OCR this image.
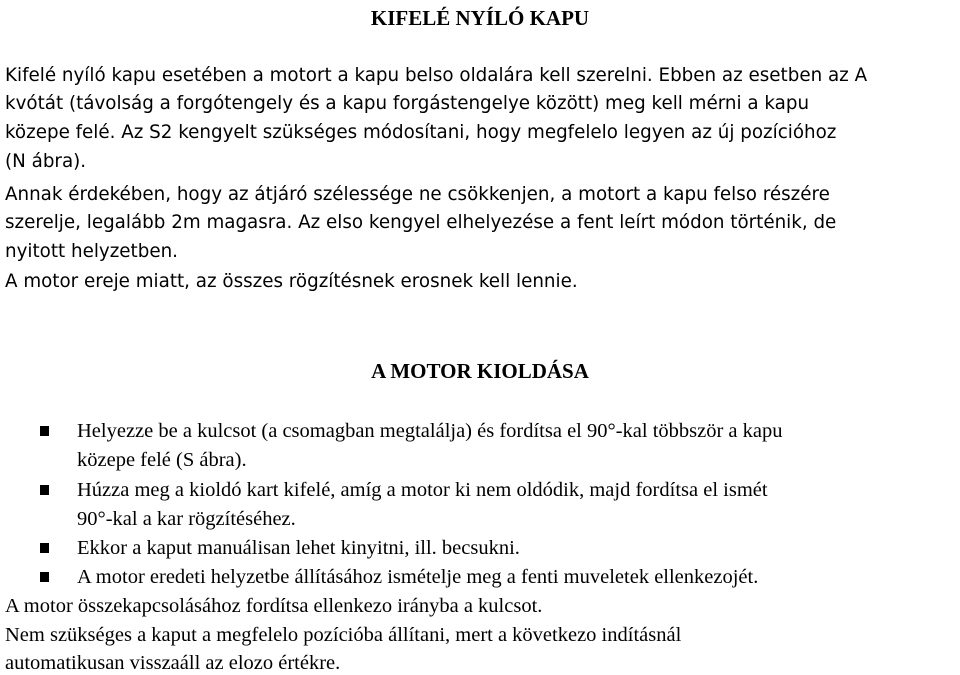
KIFELÉ NYÍLÓ KAPU

Kifelé nyíló kapu esetében a motort a kapu belso oldalára kell szerelni. Ebben az esetben az A

kvótát (távolság a forgótengely és a kapu forgástengelye között) meg kell mérni a kapu

közepe felé. Az S2 kengyelt szükséges módosítani, hogy megfelelo legyen az új pozícióhoz

(N ábra).

Annak érdekében, hogy az átjáró szélessége ne csökkenjen, a motort a kapu felso részére

szerelje, legalább 2m magasra. Az elso kengyel elhelyezése a fent leírt módon történik, de

nyitott helyzetben.

A motor ereje miatt, az összes rögzítésnek erosnek kell lennie.

A MOTOR KIOLDÁSA

Helyezze be a kulcsot (a csomagban megtalálja) és fordítsa el 90°-kal többször a kapu

közepe felé (S ábra).

Húzza meg a kioldó kart kifelé, amíg a motor ki nem oldódik, majd fordítsa el ismét

90°-kal a kar rögzítéséhez.

Ekkor a kaput manuálisan lehet kinyitni, ill. becsukni.

A motor eredeti helyzetbe állításához ismételje meg a fenti muveletek ellenkezojét.

A motor összekapcsolásához fordítsa ellenkezo irányba a kulcsot.

Nem szükséges a kaput a megfelelo pozícióba állítani, mert a következo indításnál

automatikusan visszaáll az elozo értékre.
